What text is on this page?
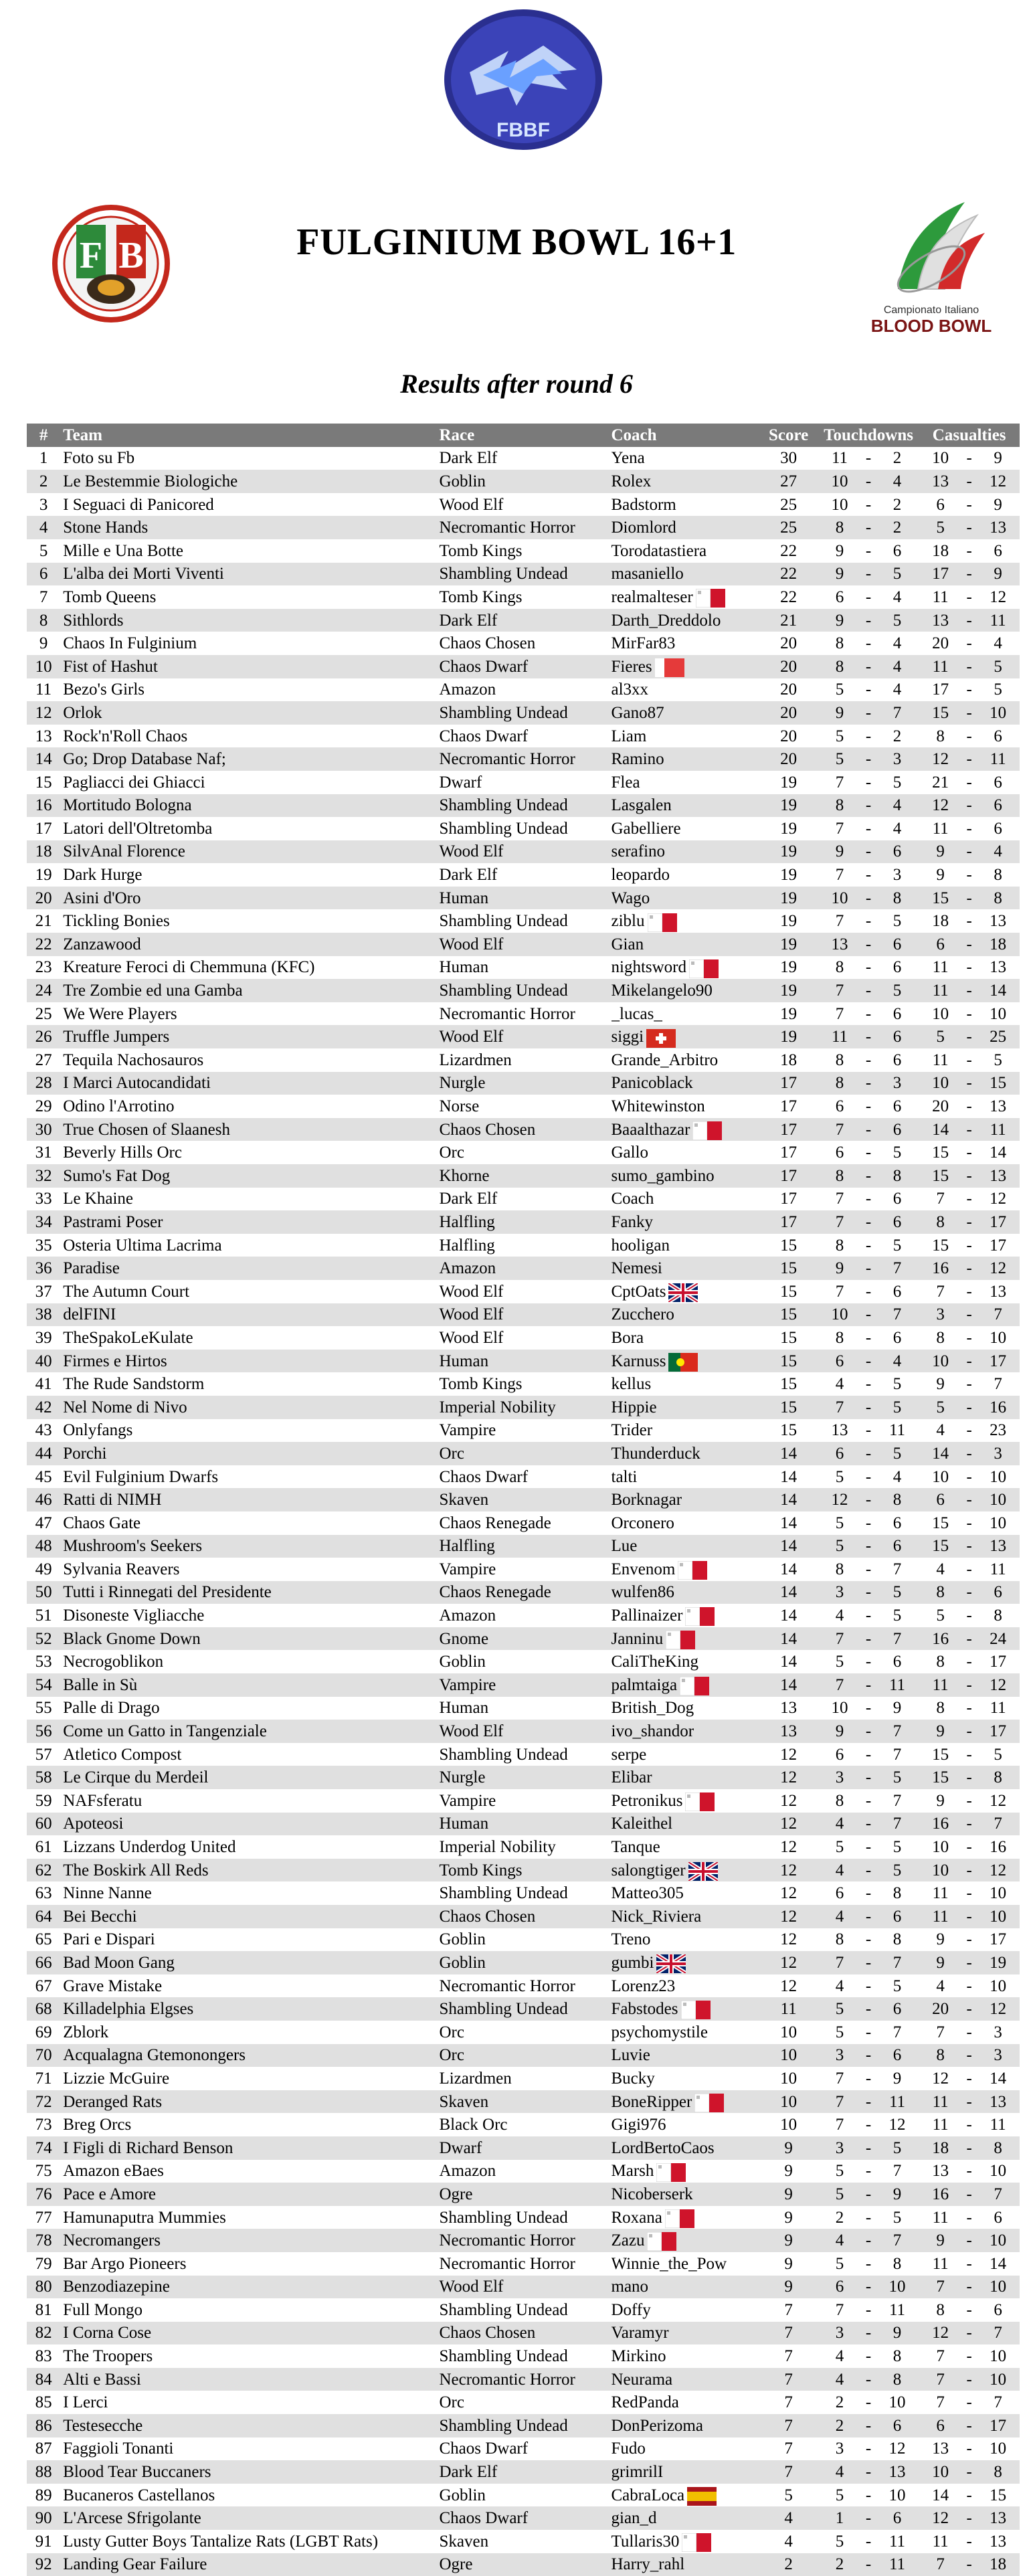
FBBF
F B
Campionato Italiano
BLOOD BOWL
FULGINIUM BOWL 16+1
Results after round 6
#	Team	Race	Coach	Score	Touchdowns	Casualties
1	Foto su Fb	Dark Elf	Yena	30	11 - 2	10 - 9

2	Le Bestemmie Biologiche	Goblin	Rolex	27	10 - 4	13 - 12

3	I Seguaci di Panicored	Wood Elf	Badstorm	25	10 - 2	6 - 9

4	Stone Hands	Necromantic Horror	Diomlord	25	8 - 2	5 - 13

5	Mille e Una Botte	Tomb Kings	Torodatastiera	22	9 - 6	18 - 6

6	L'alba dei Morti Viventi	Shambling Undead	masaniello	22	9 - 5	17 - 9

7	Tomb Queens	Tomb Kings	realmalteser	22	6 - 4	11 - 12

8	Sithlords	Dark Elf	Darth_Dreddolo	21	9 - 5	13 - 11

9	Chaos In Fulginium	Chaos Chosen	MirFar83	20	8 - 4	20 - 4

10	Fist of Hashut	Chaos Dwarf	Fieres	20	8 - 4	11 - 5

11	Bezo's Girls	Amazon	al3xx	20	5 - 4	17 - 5

12	Orlok	Shambling Undead	Gano87	20	9 - 7	15 - 10

13	Rock'n'Roll Chaos	Chaos Dwarf	Liam	20	5 - 2	8 - 6

14	Go; Drop Database Naf;	Necromantic Horror	Ramino	20	5 - 3	12 - 11

15	Pagliacci dei Ghiacci	Dwarf	Flea	19	7 - 5	21 - 6

16	Mortitudo Bologna	Shambling Undead	Lasgalen	19	8 - 4	12 - 6

17	Latori dell'Oltretomba	Shambling Undead	Gabelliere	19	7 - 4	11 - 6

18	SilvAnal Florence	Wood Elf	serafino	19	9 - 6	9 - 4

19	Dark Hurge	Dark Elf	leopardo	19	7 - 3	9 - 8

20	Asini d'Oro	Human	Wago	19	10 - 8	15 - 8

21	Tickling Bonies	Shambling Undead	ziblu	19	7 - 5	18 - 13

22	Zanzawood	Wood Elf	Gian	19	13 - 6	6 - 18

23	Kreature Feroci di Chemmuna (KFC)	Human	nightsword	19	8 - 6	11 - 13

24	Tre Zombie ed una Gamba	Shambling Undead	Mikelangelo90	19	7 - 5	11 - 14

25	We Were Players	Necromantic Horror	_lucas_	19	7 - 6	10 - 10

26	Truffle Jumpers	Wood Elf	siggi	19	11 - 6	5 - 25

27	Tequila Nachosauros	Lizardmen	Grande_Arbitro	18	8 - 6	11 - 5

28	I Marci Autocandidati	Nurgle	Panicoblack	17	8 - 3	10 - 15

29	Odino l'Arrotino	Norse	Whitewinston	17	6 - 6	20 - 13

30	True Chosen of Slaanesh	Chaos Chosen	Baaalthazar	17	7 - 6	14 - 11

31	Beverly Hills Orc	Orc	Gallo	17	6 - 5	15 - 14

32	Sumo's Fat Dog	Khorne	sumo_gambino	17	8 - 8	15 - 13

33	Le Khaine	Dark Elf	Coach	17	7 - 6	7 - 12

34	Pastrami Poser	Halfling	Fanky	17	7 - 6	8 - 17

35	Osteria Ultima Lacrima	Halfling	hooligan	15	8 - 5	15 - 17

36	Paradise	Amazon	Nemesi	15	9 - 7	16 - 12

37	The Autumn Court	Wood Elf	CptOats	15	7 - 6	7 - 13

38	delFINI	Wood Elf	Zucchero	15	10 - 7	3 - 7

39	TheSpakoLeKulate	Wood Elf	Bora	15	8 - 6	8 - 10

40	Firmes e Hirtos	Human	Karnuss	15	6 - 4	10 - 17

41	The Rude Sandstorm	Tomb Kings	kellus	15	4 - 5	9 - 7

42	Nel Nome di Nivo	Imperial Nobility	Hippie	15	7 - 5	5 - 16

43	Onlyfangs	Vampire	Trider	15	13 - 11	4 - 23

44	Porchi	Orc	Thunderduck	14	6 - 5	14 - 3

45	Evil Fulginium Dwarfs	Chaos Dwarf	talti	14	5 - 4	10 - 10

46	Ratti di NIMH	Skaven	Borknagar	14	12 - 8	6 - 10

47	Chaos Gate	Chaos Renegade	Orconero	14	5 - 6	15 - 10

48	Mushroom's Seekers	Halfling	Lue	14	5 - 6	15 - 13

49	Sylvania Reavers	Vampire	Envenom	14	8 - 7	4 - 11

50	Tutti i Rinnegati del Presidente	Chaos Renegade	wulfen86	14	3 - 5	8 - 6

51	Disoneste Vigliacche	Amazon	Pallinaizer	14	4 - 5	5 - 8

52	Black Gnome Down	Gnome	Janninu	14	7 - 7	16 - 24

53	Necrogoblikon	Goblin	CaliTheKing	14	5 - 6	8 - 17

54	Balle in Sù	Vampire	palmtaiga	14	7 - 11	11 - 12

55	Palle di Drago	Human	British_Dog	13	10 - 9	8 - 11

56	Come un Gatto in Tangenziale	Wood Elf	ivo_shandor	13	9 - 7	9 - 17

57	Atletico Compost	Shambling Undead	serpe	12	6 - 7	15 - 5

58	Le Cirque du Merdeil	Nurgle	Elibar	12	3 - 5	15 - 8

59	NAFsferatu	Vampire	Petronikus	12	8 - 7	9 - 12

60	Apoteosi	Human	Kaleithel	12	4 - 7	16 - 7

61	Lizzans Underdog United	Imperial Nobility	Tanque	12	5 - 5	10 - 16

62	The Boskirk All Reds	Tomb Kings	salongtiger	12	4 - 5	10 - 12

63	Ninne Nanne	Shambling Undead	Matteo305	12	6 - 8	11 - 10

64	Bei Becchi	Chaos Chosen	Nick_Riviera	12	4 - 6	11 - 10

65	Pari e Dispari	Goblin	Treno	12	8 - 8	9 - 17

66	Bad Moon Gang	Goblin	gumbi	12	7 - 7	9 - 19

67	Grave Mistake	Necromantic Horror	Lorenz23	12	4 - 5	4 - 10

68	Killadelphia Elgses	Shambling Undead	Fabstodes	11	5 - 6	20 - 12

69	Zblork	Orc	psychomystile	10	5 - 7	7 - 3

70	Acqualagna Gtemonongers	Orc	Luvie	10	3 - 6	8 - 3

71	Lizzie McGuire	Lizardmen	Bucky	10	7 - 9	12 - 14

72	Deranged Rats	Skaven	BoneRipper	10	7 - 11	11 - 13

73	Breg Orcs	Black Orc	Gigi976	10	7 - 12	11 - 11

74	I Figli di Richard Benson	Dwarf	LordBertoCaos	9	3 - 5	18 - 8

75	Amazon eBaes	Amazon	Marsh	9	5 - 7	13 - 10

76	Pace e Amore	Ogre	Nicoberserk	9	5 - 9	16 - 7

77	Hamunaputra Mummies	Shambling Undead	Roxana	9	2 - 5	11 - 6

78	Necromangers	Necromantic Horror	Zazu	9	4 - 7	9 - 10

79	Bar Argo Pioneers	Necromantic Horror	Winnie_the_Pow	9	5 - 8	11 - 14

80	Benzodiazepine	Wood Elf	mano	9	6 - 10	7 - 10

81	Full Mongo	Shambling Undead	Doffy	7	7 - 11	8 - 6

82	I Corna Cose	Chaos Chosen	Varamyr	7	3 - 9	12 - 7

83	The Troopers	Shambling Undead	Mirkino	7	4 - 8	7 - 10

84	Alti e Bassi	Necromantic Horror	Neurama	7	4 - 8	7 - 10

85	I Lerci	Orc	RedPanda	7	2 - 10	7 - 7

86	Testesecche	Shambling Undead	DonPerizoma	7	2 - 6	6 - 17

87	Faggioli Tonanti	Chaos Dwarf	Fudo	7	3 - 12	13 - 10

88	Blood Tear Buccaners	Dark Elf	grimrilI	7	4 - 13	10 - 8

89	Bucaneros Castellanos	Goblin	CabraLoca	5	5 - 10	14 - 15

90	L'Arcese Sfrigolante	Chaos Dwarf	gian_d	4	1 - 6	12 - 13

91	Lusty Gutter Boys Tantalize Rats (LGBT Rats)	Skaven	Tullaris30	4	5 - 11	11 - 13

92	Landing Gear Failure	Ogre	Harry_rahl	2	2 - 11	7 - 18
